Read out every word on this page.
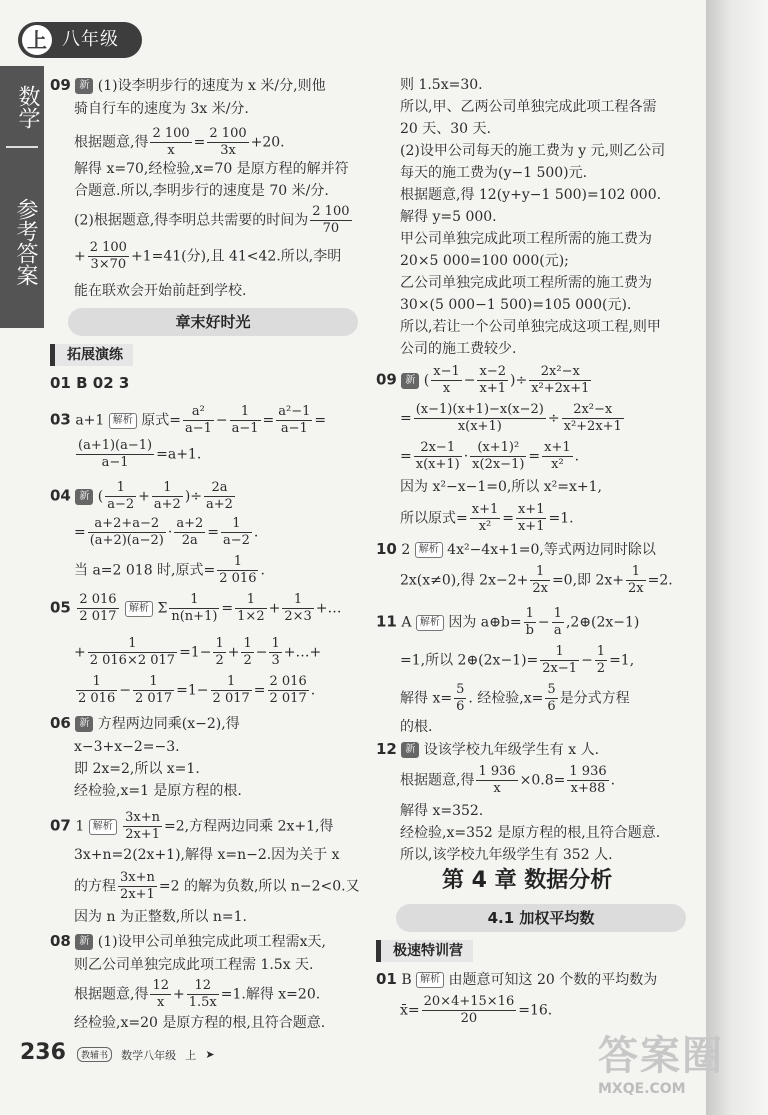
上 八年级
数学
参考答案
09 新 (1)设李明步行的速度为 x 米/分,则他
骑自行车的速度为 3x 米/分.
根据题意,得 $\frac{2 100}{x} = \frac{2 100}{3x} +20$.
解得 x=70,经检验,x=70 是原方程的解并符
合题意.所以,李明步行的速度是 70 米/分.
(2)根据题意,得李明总共需要的时间为 $\frac{2 100}{70}$
+ $\frac{2 100}{3\times 70} +1=41$(分),且 41<42.所以,李明
能在联欢会开始前赶到学校.
章末好时光
拓展演练
01 B 02 3
03 a+1 解析 原式= $\frac{\text{a²}}{a-1} - \frac{1}{a-1} = \frac{\text{a²−1}}{a-1}$ =
$\frac{(a+1)(a-1)}{a-1} =a+1$.
04 新 ( $\frac{1}{a-2} + \frac{1}{a+2}$ )÷ $\frac{2a}{a+2}$
= $\frac{a+2+a-2}{(a+2)(a-2)} \cdot \frac{a+2}{2a} = \frac{1}{a-2}$ .
当 a=2 018 时,原式= $\frac{1}{2 016}$ .
$05 \frac{2 016}{2 017}$ 解析 Σ $\frac{1}{n(n+1)} = \frac{1}{1\times 2} + \frac{1}{2\times 3}$ +…
+ $\frac{1}{2 016\times 2 017} =1- \frac{1}{2} + \frac{1}{2} - \frac{1}{3}$ +…+
$\frac{1}{2 016} - \frac{1}{2 017} =1- \frac{1}{2 017} = \frac{2 016}{2 017}$ .
06 新 方程两边同乘(x−2),得
x−3+x−2=−3.
即 2x=2,所以 x=1.
经检验,x=1 是原方程的根.
07 1 解析 $\frac{3x+n}{2x+1} =2$,方程两边同乘 2x+1,得
3x+n=2(2x+1),解得 x=n−2.因为关于 x
的方程 $\frac{3x+n}{2x+1} =2$ 的解为负数,所以 n−2<0.又
因为 n 为正整数,所以 n=1.
08 新 (1)设甲公司单独完成此项工程需x天,
则乙公司单独完成此项工程需 1.5x 天.
根据题意,得 $\frac{12}{x} + \frac{12}{1.5x} =1$.解得 x=20.
经检验,x=20 是原方程的根,且符合题意.
则 1.5x=30.
所以,甲、乙两公司单独完成此项工程各需
20 天、30 天.
(2)设甲公司每天的施工费为 y 元,则乙公司
每天的施工费为(y−1 500)元.
根据题意,得 12(y+y−1 500)=102 000.
解得 y=5 000.
甲公司单独完成此项工程所需的施工费为
20×5 000=100 000(元);
乙公司单独完成此项工程所需的施工费为
30×(5 000−1 500)=105 000(元).
所以,若让一个公司单独完成这项工程,则甲
公司的施工费较少.
09 新 ( $\frac{x-1}{x} - \frac{x-2}{x+1}$ )÷ $\frac{\text{2x²−x}}{\text{x²+2x+1}}$
= $\frac{(x-1)(x+1)-x(x-2)}{x(x+1)} \div \frac{\text{2x²−x}}{\text{x²+2x+1}}$
= $\frac{2x-1}{x(x+1)} \cdot \frac{\text{(x+1)²}}{x(2x-1)} = \frac{x+1}{\text{x²}}$ .
因为 x²−x−1=0,所以 x²=x+1,
所以原式= $\frac{x+1}{\text{x²}} = \frac{x+1}{x+1} =1$.
10 2 解析 4x²−4x+1=0,等式两边同时除以
2x(x≠0),得 $2x-2+ \frac{1}{2x} =0$,即 $2x+ \frac{1}{2x} =2$.
11 A 解析 因为 a⊕b= $\frac{1}{b} - \frac{1}{a}$ ,2⊕(2x−1)
=1,所以 2⊕(2x−1)= $\frac{1}{2x-1} - \frac{1}{2} =1$,
解得 $x= \frac{5}{6}$ . 经检验$,x= \frac{5}{6}$ 是分式方程
的根.
12 新 设该学校九年级学生有 x 人.
根据题意,得 $\frac{1 936}{x} \times 0.8= \frac{1 936}{x+88}$ .
解得 x=352.
经检验,x=352 是原方程的根,且符合题意.
所以,该学校九年级学生有 352 人.
第 4 章 数据分析
4.1 加权平均数
极速特训营
01 B 解析 由题意可知这 20 个数的平均数为
x̄= $\frac{20\times 4+15\times 16}{20} =16$.
236 教辅书 数学八年级 上 ➤	答案圈
MXQE.COM
